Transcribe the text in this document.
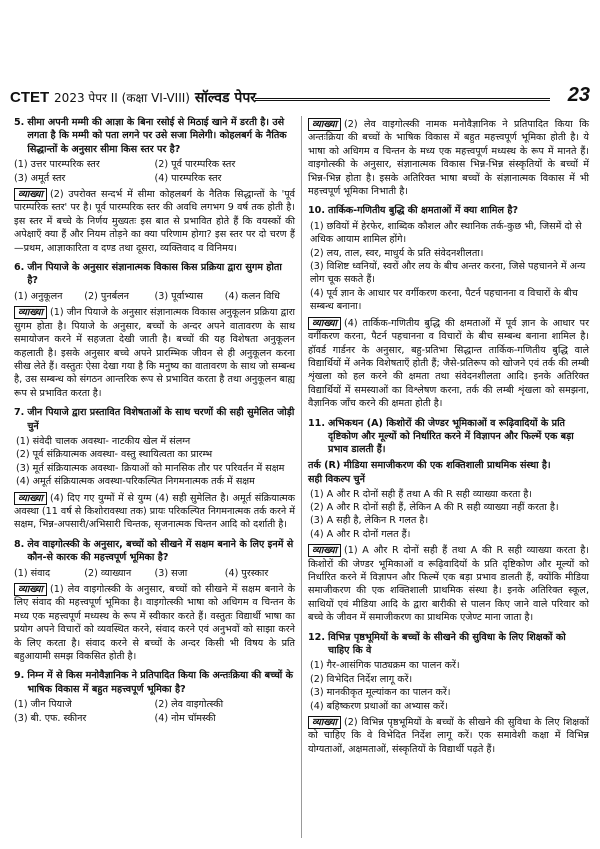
CTET 2023 पेपर II (कक्षा VI-VIII) सॉल्वड पेपर	23
5. सीमा अपनी मम्मी की आज्ञा के बिना रसोई से मिठाई खाने में डरती है। उसे लगता है कि मम्मी को पता लगने पर उसे सजा मिलेगी। कोहलबर्ग के नैतिक सिद्धान्तों के अनुसार सीमा किस स्तर पर है?
(1) उत्तर पारम्परिक स्तर	(2) पूर्व पारम्परिक स्तर
(3) अमूर्त स्तर	(4) पारम्परिक स्तर
व्याख्या (2) उपरोक्त सन्दर्भ में सीमा कोहलबर्ग के नैतिक सिद्धान्तों के 'पूर्व पारम्परिक स्तर' पर है। पूर्व पारम्परिक स्तर की अवधि लगभग 9 वर्ष तक होती है। इस स्तर में बच्चे के निर्णय मुख्यतः इस बात से प्रभावित होते हैं कि वयस्कों की अपेक्षाएँ क्या हैं और नियम तोड़ने का क्या परिणाम होगा? इस स्तर पर दो चरण हैं—प्रथम, आज्ञाकारिता व दण्ड तथा दूसरा, व्यक्तिवाद व विनिमय।
6. जीन पियाजे के अनुसार संज्ञानात्मक विकास किस प्रक्रिया द्वारा सुगम होता है?
(1) अनुकूलन	(2) पुनर्बलन	(3) पूर्वाभ्यास	(4) कलन विधि
व्याख्या (1) जीन पियाजे के अनुसार संज्ञानात्मक विकास अनुकूलन प्रक्रिया द्वारा सुगम होता है। पियाजे के अनुसार, बच्चों के अन्दर अपने वातावरण के साथ समायोजन करने में सहजता देखी जाती है। बच्चों की यह विशेषता अनुकूलन कहलाती है। इसके अनुसार बच्चे अपने प्रारम्भिक जीवन से ही अनुकूलन करना सीख लेते हैं। वस्तुतः ऐसा देखा गया है कि मनुष्य का वातावरण के साथ जो सम्बन्ध है, उस सम्बन्ध को संगठन आन्तरिक रूप से प्रभावित करता है तथा अनुकूलन बाह्य रूप से प्रभावित करता है।
7. जीन पियाजे द्वारा प्रस्तावित विशेषताओं के साथ चरणों की सही सुमेलित जोड़ी चुनें
(1) संवेदी चालक अवस्था- नाटकीय खेल में संलग्न
(2) पूर्व संक्रियात्मक अवस्था- वस्तु स्थायित्वता का प्रारम्भ
(3) मूर्त संक्रियात्मक अवस्था- क्रियाओं को मानसिक तौर पर परिवर्तन में सक्षम
(4) अमूर्त संक्रियात्मक अवस्था-परिकल्पित निगमनात्मक तर्क में सक्षम
व्याख्या (4) दिए गए युग्मों में से युग्म (4) सही सुमेलित है। अमूर्त संक्रियात्मक अवस्था (11 वर्ष से किशोरावस्था तक) प्रायः परिकल्पित निगमनात्मक तर्क करने में सक्षम, भिन्न-अपसारी/अभिसारी चिन्तक, सृजनात्मक चिन्तन आदि को दर्शाती है।
8. लेव वाइगोत्स्की के अनुसार, बच्चों को सीखने में सक्षम बनाने के लिए इनमें से कौन-से कारक की महत्त्वपूर्ण भूमिका है?
(1) संवाद	(2) व्याख्यान	(3) सजा	(4) पुरस्कार
व्याख्या (1) लेव वाइगोत्स्की के अनुसार, बच्चों को सीखने में सक्षम बनाने के लिए संवाद की महत्त्वपूर्ण भूमिका है। वाइगोत्स्की भाषा को अधिगम व चिन्तन के मध्य एक महत्त्वपूर्ण मध्यस्थ के रूप में स्वीकार करते हैं। वस्तुतः विद्यार्थी भाषा का प्रयोग अपने विचारों को व्यवस्थित करने, संवाद करने एवं अनुभवों को साझा करने के लिए करता है। संवाद करने से बच्चों के अन्दर किसी भी विषय के प्रति बहुआयामी समझ विकसित होती है।
9. निम्न में से किस मनोवैज्ञानिक ने प्रतिपादित किया कि अन्तःक्रिया की बच्चों के भाषिक विकास में बहुत महत्त्वपूर्ण भूमिका है?
(1) जीन पियाजे	(2) लेव वाइगोत्स्की
(3) बी. एफ. स्कीनर	(4) नोम चॉमस्की
व्याख्या (2) लेव वाइगोत्स्की नामक मनोवैज्ञानिक ने प्रतिपादित किया कि अन्तःक्रिया की बच्चों के भाषिक विकास में बहुत महत्त्वपूर्ण भूमिका होती है। ये भाषा को अधिगम व चिन्तन के मध्य एक महत्त्वपूर्ण मध्यस्थ के रूप में मानते हैं। वाइगोत्स्की के अनुसार, संज्ञानात्मक विकास भिन्न-भिन्न संस्कृतियों के बच्चों में भिन्न-भिन्न होता है। इसके अतिरिक्त भाषा बच्चों के संज्ञानात्मक विकास में भी महत्त्वपूर्ण भूमिका निभाती है।
10. तार्किक-गणितीय बुद्धि की क्षमताओं में क्या शामिल है?
(1) छवियों में हेरफेर, शाब्दिक कौशल और स्थानिक तर्क-कुछ भी, जिसमें दो से अधिक आयाम शामिल होंगे।
(2) लय, ताल, स्वर, माधुर्य के प्रति संवेदनशीलता।
(3) विशिष्ट ध्वनियों, स्वरों और लय के बीच अन्तर करना, जिसे पहचानने में अन्य लोग चूक सकते हैं।
(4) पूर्व ज्ञान के आधार पर वर्गीकरण करना, पैटर्न पहचानना व विचारों के बीच सम्बन्ध बनाना।
व्याख्या (4) तार्किक-गणितीय बुद्धि की क्षमताओं में पूर्व ज्ञान के आधार पर वर्गीकरण करना, पैटर्न पहचानना व विचारों के बीच सम्बन्ध बनाना शामिल है। हॉवर्ड गार्डनर के अनुसार, बहु-प्रतिभा सिद्धान्त तार्किक-गणितीय बुद्धि वाले विद्यार्थियों में अनेक विशेषताएँ होती हैं; जैसे-प्रतिरूप को खोजने एवं तर्क की लम्बी शृंखला को हल करने की क्षमता तथा संवेदनशीलता आदि। इनके अतिरिक्त विद्यार्थियों में समस्याओं का विश्लेषण करना, तर्क की लम्बी शृंखला को समझना, वैज्ञानिक जाँच करने की क्षमता होती है।
11. अभिकथन (A) किशोरों की जेण्डर भूमिकाओं व रूढ़िवादियों के प्रति दृष्टिकोण और मूल्यों को निर्धारित करने में विज्ञापन और फिल्में एक बड़ा प्रभाव डालती हैं।
तर्क (R) मीडिया समाजीकरण की एक शक्तिशाली प्राथमिक संस्था है।
सही विकल्प चुनें
(1) A और R दोनों सही हैं तथा A की R सही व्याख्या करता है।
(2) A और R दोनों सही हैं, लेकिन A की R सही व्याख्या नहीं करता है।
(3) A सही है, लेकिन R गलत है।
(4) A और R दोनों गलत हैं।
व्याख्या (1) A और R दोनों सही हैं तथा A की R सही व्याख्या करता है। किशोरों की जेण्डर भूमिकाओं व रूढ़िवादियों के प्रति दृष्टिकोण और मूल्यों को निर्धारित करने में विज्ञापन और फिल्में एक बड़ा प्रभाव डालती हैं, क्योंकि मीडिया समाजीकरण की एक शक्तिशाली प्राथमिक संस्था है। इनके अतिरिक्त स्कूल, साथियों एवं मीडिया आदि के द्वारा बारीकी से पालन किए जाने वाले परिवार को बच्चे के जीवन में समाजीकरण का प्राथमिक एजेण्ट माना जाता है।
12. विभिन्न पृष्ठभूमियों के बच्चों के सीखने की सुविधा के लिए शिक्षकों को चाहिए कि वे
(1) गैर-आसंगिक पाठ्यक्रम का पालन करें।
(2) विभेदित निर्देश लागू करें।
(3) मानकीकृत मूल्यांकन का पालन करें।
(4) बहिष्करण प्रथाओं का अभ्यास करें।
व्याख्या (2) विभिन्न पृष्ठभूमियों के बच्चों के सीखने की सुविधा के लिए शिक्षकों को चाहिए कि वे विभेदित निर्देश लागू करें। एक समावेशी कक्षा में विभिन्न योग्यताओं, अक्षमताओं, संस्कृतियों के विद्यार्थी पढ़ते हैं।
